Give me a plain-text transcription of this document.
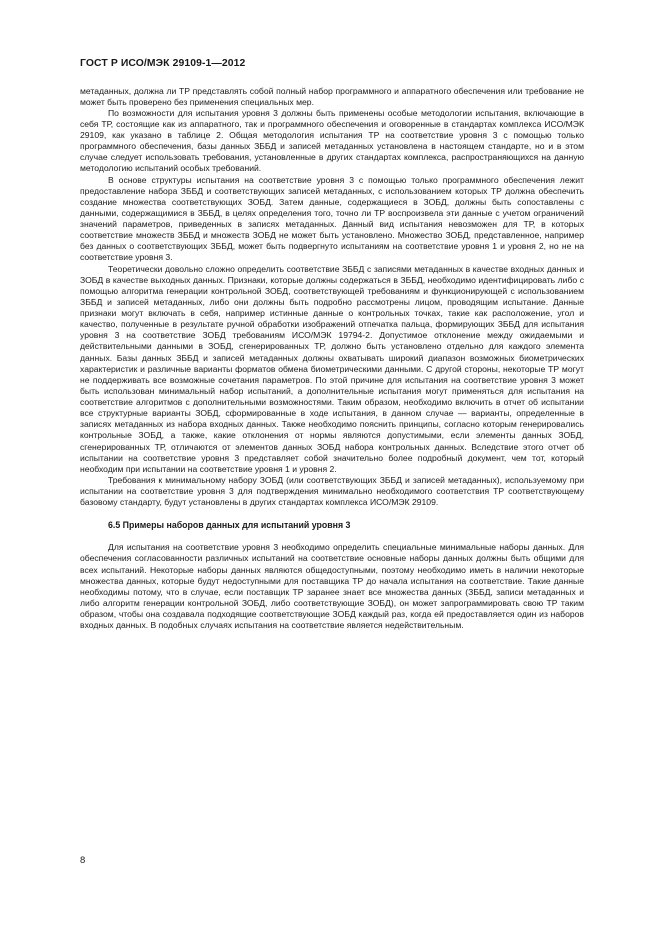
ГОСТ Р ИСО/МЭК 29109-1—2012

метаданных, должна ли ТР представлять собой полный набор программного и аппаратного обеспечения или требование не может быть проверено без применения специальных мер.

По возможности для испытания уровня 3 должны быть применены особые методологии испытания, включающие в себя ТР, состоящие как из аппаратного, так и программного обеспечения и оговоренные в стандартах комплекса ИСО/МЭК 29109, как указано в таблице 2. Общая методология испытания ТР на соответствие уровня 3 с помощью только программного обеспечения, базы данных ЗББД и записей метаданных установлена в настоящем стандарте, но и в этом случае следует использовать требования, установленные в других стандартах комплекса, распространяющихся на данную методологию испытаний особых требований.

В основе структуры испытания на соответствие уровня 3 с помощью только программного обеспечения лежит предоставление набора ЗББД и соответствующих записей метаданных, с использованием которых ТР должна обеспечить создание множества соответствующих ЗОБД. Затем данные, содержащиеся в ЗОБД, должны быть сопоставлены с данными, содержащимися в ЗББД, в целях определения того, точно ли ТР воспроизвела эти данные с учетом ограничений значений параметров, приведенных в записях метаданных. Данный вид испытания невозможен для ТР, в которых соответствие множеств ЗББД и множеств ЗОБД не может быть установлено. Множество ЗОБД, представленное, например без данных о соответствующих ЗББД, может быть подвергнуто испытаниям на соответствие уровня 1 и уровня 2, но не на соответствие уровня 3.

Теоретически довольно сложно определить соответствие ЗББД с записями метаданных в качестве входных данных и ЗОБД в качестве выходных данных. Признаки, которые должны содержаться в ЗББД, необходимо идентифицировать либо с помощью алгоритма генерации контрольной ЗОБД, соответствующей требованиям и функционирующей с использованием ЗББД и записей метаданных, либо они должны быть подробно рассмотрены лицом, проводящим испытание. Данные признаки могут включать в себя, например истинные данные о контрольных точках, такие как расположение, угол и качество, полученные в результате ручной обработки изображений отпечатка пальца, формирующих ЗББД для испытания уровня 3 на соответствие ЗОБД требованиям ИСО/МЭК 19794-2. Допустимое отклонение между ожидаемыми и действительными данными в ЗОБД, сгенерированных ТР, должно быть установлено отдельно для каждого элемента данных. Базы данных ЗББД и записей метаданных должны охватывать широкий диапазон возможных биометрических характеристик и различные варианты форматов обмена биометрическими данными. С другой стороны, некоторые ТР могут не поддерживать все возможные сочетания параметров. По этой причине для испытания на соответствие уровня 3 может быть использован минимальный набор испытаний, а дополнительные испытания могут применяться для испытания на соответствие алгоритмов с дополнительными возможностями. Таким образом, необходимо включить в отчет об испытании все структурные варианты ЗОБД, сформированные в ходе испытания, в данном случае — варианты, определенные в записях метаданных из набора входных данных. Также необходимо пояснить принципы, согласно которым генерировались контрольные ЗОБД, а также, какие отклонения от нормы являются допустимыми, если элементы данных ЗОБД, сгенерированных ТР, отличаются от элементов данных ЗОБД набора контрольных данных. Вследствие этого отчет об испытании на соответствие уровня 3 представляет собой значительно более подробный документ, чем тот, который необходим при испытании на соответствие уровня 1 и уровня 2.

Требования к минимальному набору ЗОБД (или соответствующих ЗББД и записей метаданных), используемому при испытании на соответствие уровня 3 для подтверждения минимально необходимого соответствия ТР соответствующему базовому стандарту, будут установлены в других стандартах комплекса ИСО/МЭК 29109.

6.5 Примеры наборов данных для испытаний уровня 3

Для испытания на соответствие уровня 3 необходимо определить специальные минимальные наборы данных. Для обеспечения согласованности различных испытаний на соответствие основные наборы данных должны быть общими для всех испытаний. Некоторые наборы данных являются общедоступными, поэтому необходимо иметь в наличии некоторые множества данных, которые будут недоступными для поставщика ТР до начала испытания на соответствие. Такие данные необходимы потому, что в случае, если поставщик ТР заранее знает все множества данных (ЗББД, записи метаданных и либо алгоритм генерации контрольной ЗОБД, либо соответствующие ЗОБД), он может запрограммировать свою ТР таким образом, чтобы она создавала подходящие соответствующие ЗОБД каждый раз, когда ей предоставляется один из наборов входных данных. В подобных случаях испытания на соответствие является недействительным.

8
